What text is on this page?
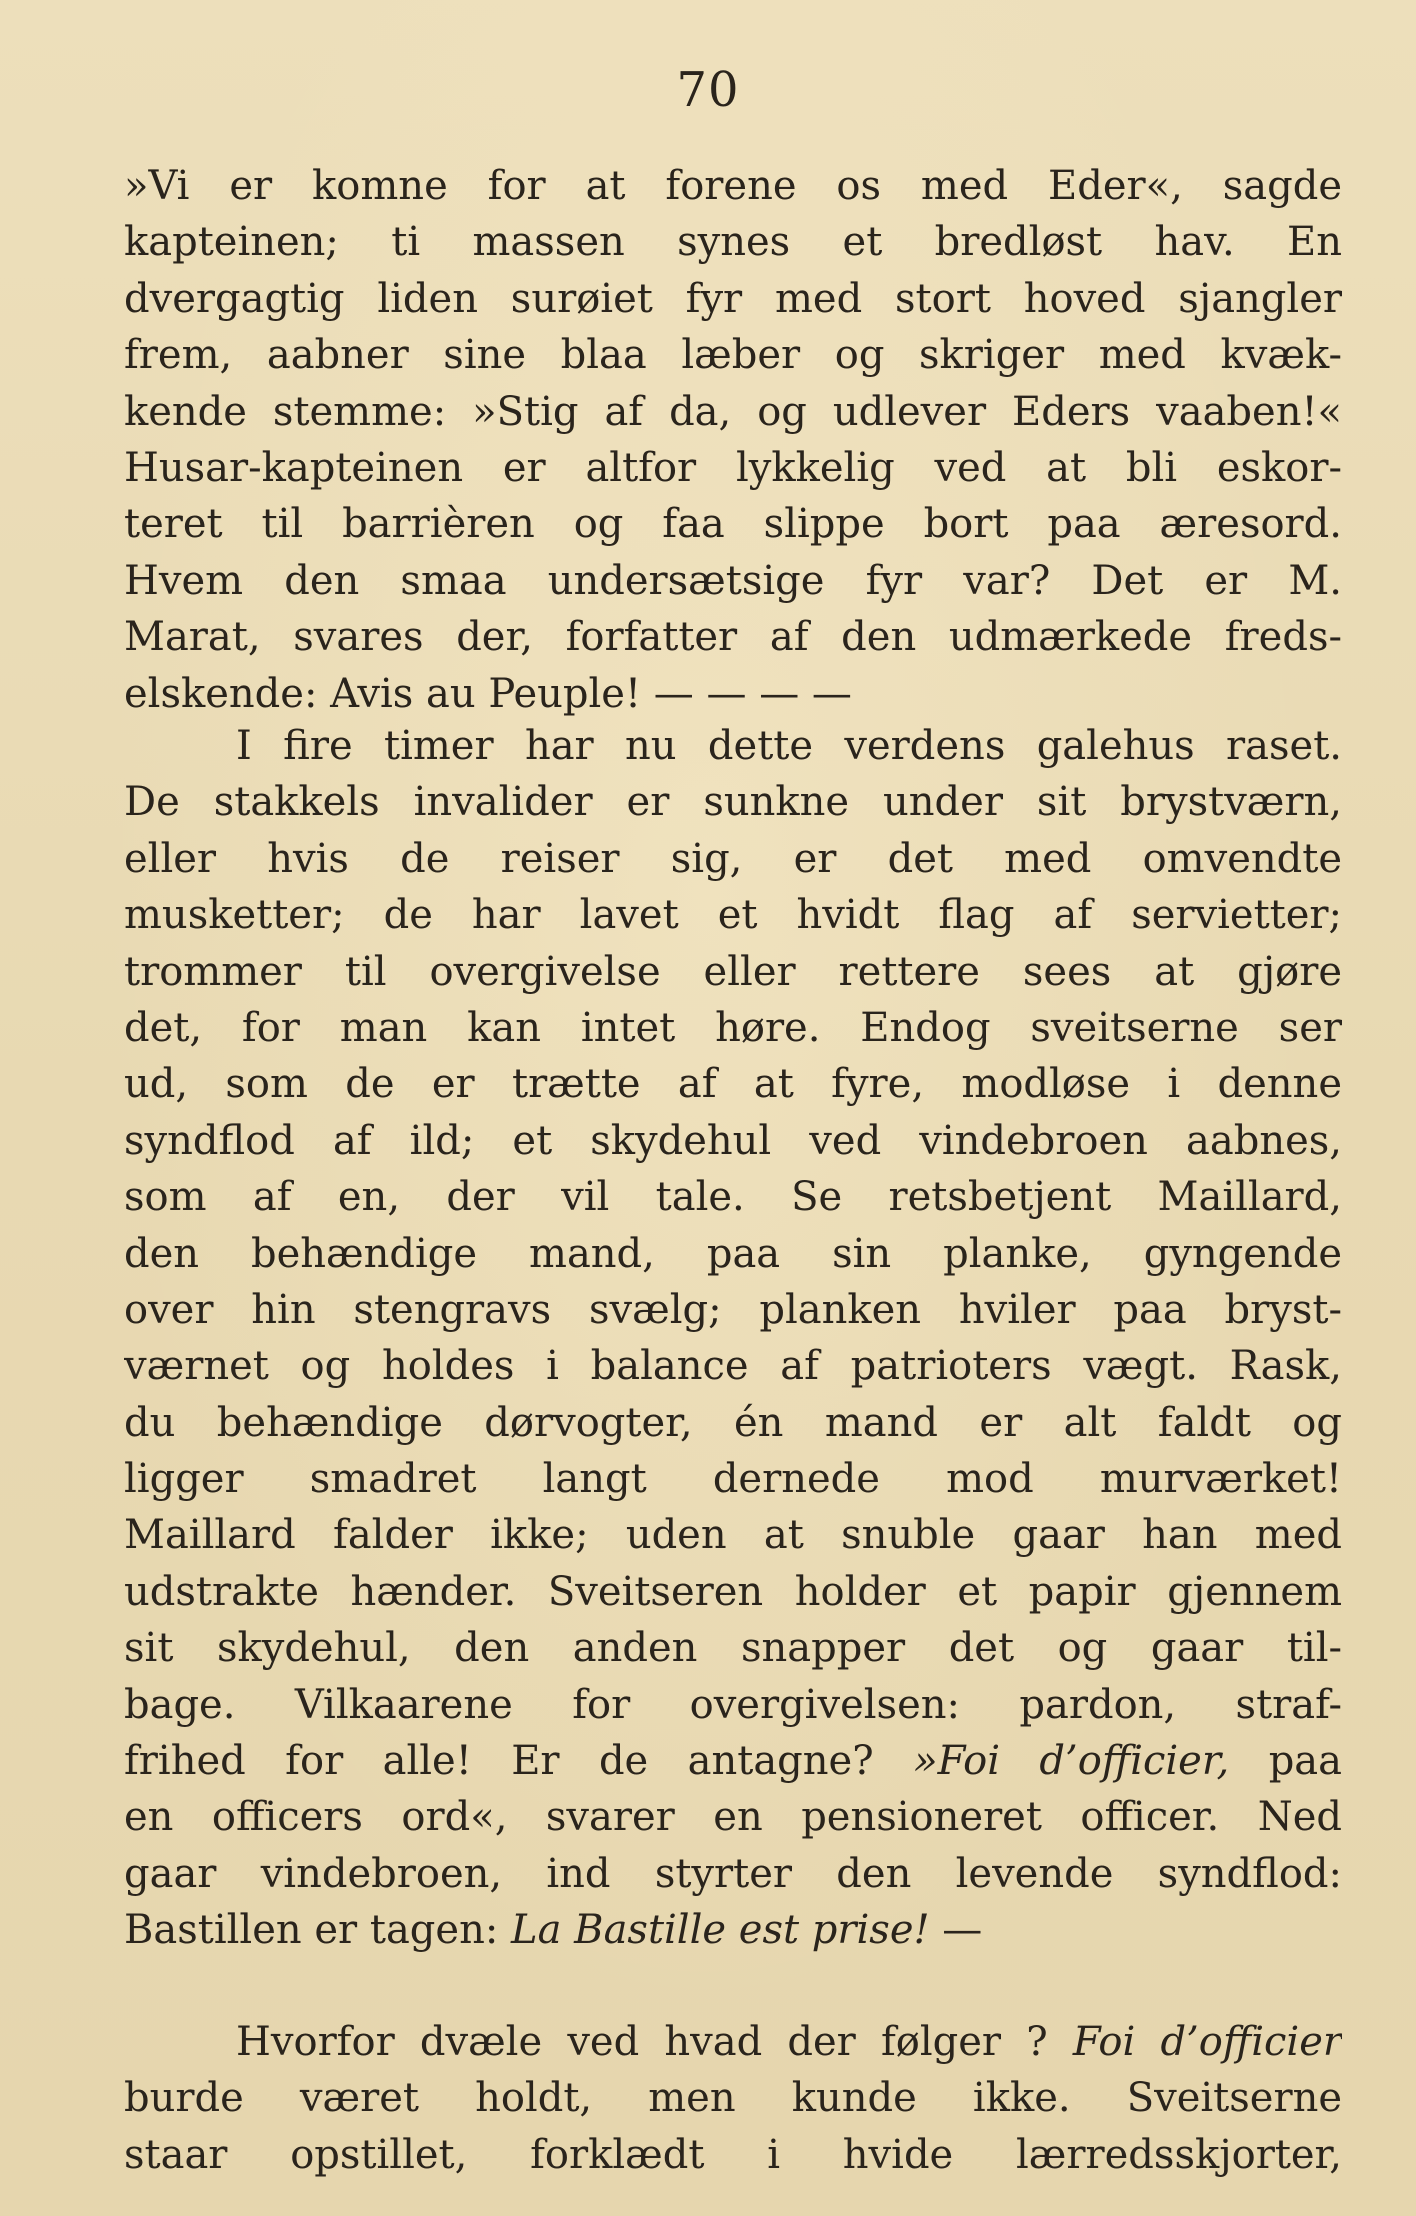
70
»Vi er komne for at forene os med Eder«, sagde
kapteinen; ti massen synes et bredløst hav. En
dvergagtig liden surøiet fyr med stort hoved sjangler
frem, aabner sine blaa læber og skriger med kvæk-
kende stemme: »Stig af da, og udlever Eders vaaben!«
Husar-kapteinen er altfor lykkelig ved at bli eskor-
teret til barrièren og faa slippe bort paa æresord.
Hvem den smaa undersætsige fyr var? Det er M.
Marat, svares der, forfatter af den udmærkede freds-
elskende: Avis au Peuple! — — — —
I fire timer har nu dette verdens galehus raset.
De stakkels invalider er sunkne under sit brystværn,
eller hvis de reiser sig, er det med omvendte
musketter; de har lavet et hvidt flag af servietter;
trommer til overgivelse eller rettere sees at gjøre
det, for man kan intet høre. Endog sveitserne ser
ud, som de er trætte af at fyre, modløse i denne
syndflod af ild; et skydehul ved vindebroen aabnes,
som af en, der vil tale. Se retsbetjent Maillard,
den behændige mand, paa sin planke, gyngende
over hin stengravs svælg; planken hviler paa bryst-
værnet og holdes i balance af patrioters vægt. Rask,
du behændige dørvogter, én mand er alt faldt og
ligger smadret langt dernede mod murværket!
Maillard falder ikke; uden at snuble gaar han med
udstrakte hænder. Sveitseren holder et papir gjennem
sit skydehul, den anden snapper det og gaar til-
bage. Vilkaarene for overgivelsen: pardon, straf-
frihed for alle! Er de antagne? »Foi d’officier, paa
en officers ord«, svarer en pensioneret officer. Ned
gaar vindebroen, ind styrter den levende syndflod:
Bastillen er tagen: La Bastille est prise! —
Hvorfor dvæle ved hvad der følger ? Foi d’officier
burde været holdt, men kunde ikke. Sveitserne
staar opstillet, forklædt i hvide lærredsskjorter,
